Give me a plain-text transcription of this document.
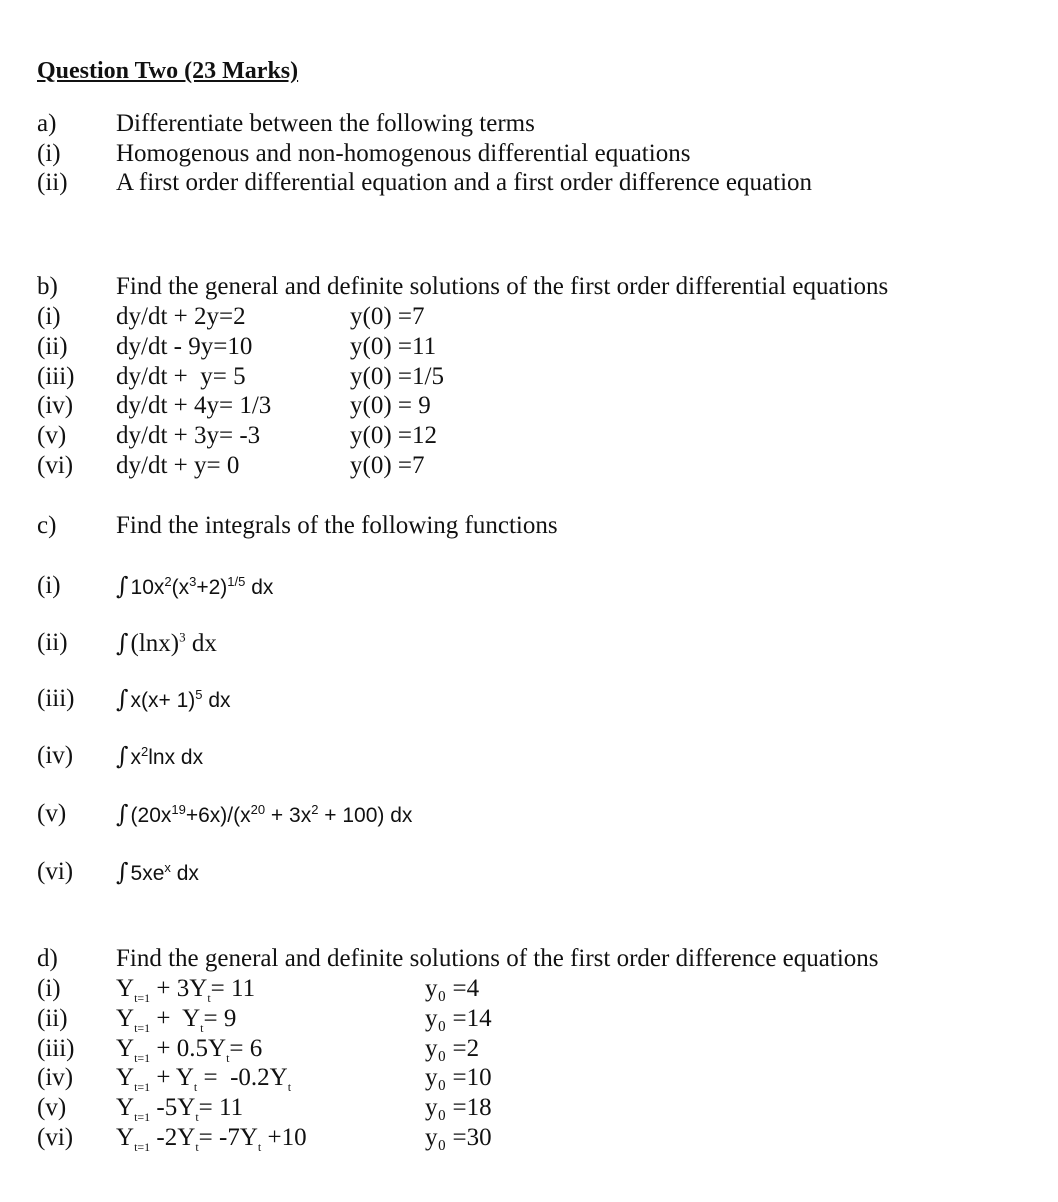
Question Two (23 Marks)
a) Differentiate between the following terms
(i) Homogenous and non-homogenous differential equations
(ii) A first order differential equation and a first order difference equation
b) Find the general and definite solutions of the first order differential equations
(i) dy/dt + 2y=2	y(0) =7
(ii) dy/dt - 9y=10	y(0) =11
(iii) dy/dt +  y= 5	y(0) =1/5
(iv) dy/dt + 4y= 1/3	y(0) = 9
(v) dy/dt + 3y= -3	y(0) =12
(vi) dy/dt + y= 0	y(0) =7
c) Find the integrals of the following functions
(i) $\int 10x^2(x^3+2)^{1/5}$ dx
(ii) $\int(\ln x)^3$ dx
(iii) $\int x(x+ 1)^5$ dx
(iv) $\int x^2\ln x$ dx
(v) $\int(20x^{19}+6x)/(x^{20} + 3x^2 + 100)$ dx
(vi) $\int 5xe^x$ dx
d) Find the general and definite solutions of the first order difference equations
(i) $Y_{t=1} + 3Y_t= 11$	y₀ =4
(ii) $Y_{t=1} + Y_t= 9$	y₀ =14
(iii) $Y_{t=1} + 0.5Y_t= 6$	y₀ =2
(iv) $Y_{t=1} + Y_t = -0.2Y_t$	y₀ =10
(v) $Y_{t=1}$ $-5Y_t= 11$	y₀ =18
(vi) $Y_{t=1}$ $-2Y_t= -7Y_t +10$	y₀ =30
